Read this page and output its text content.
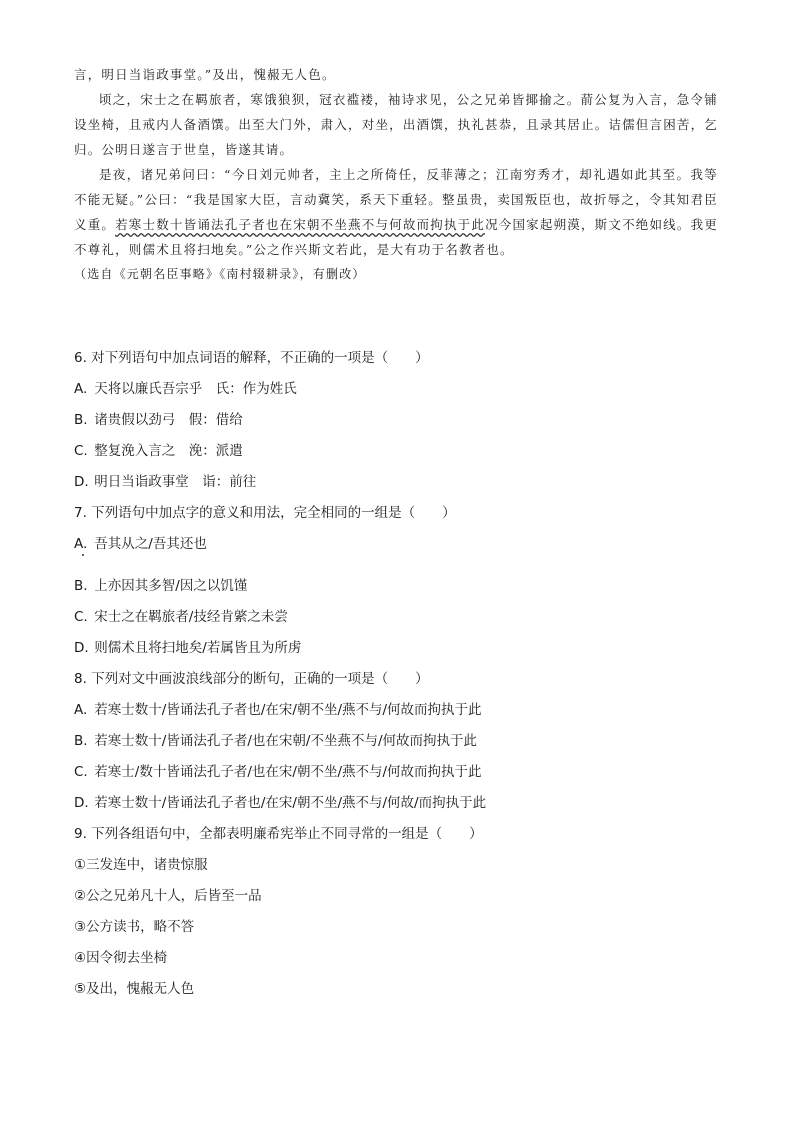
言，明日当诣政事堂。”及出，愧赧无人色。

顷之，宋士之在羁旅者，寒饿狼狈，冠衣褴褛，袖诗求见，公之兄弟皆揶揄之。葥公复为入言，急令铺设坐椅，且戒内人备酒馔。出至大门外，肃入，对坐，出酒馔，执礼甚恭，且录其居止。诘儒但言困苦，乞归。公明日遂言于世皇，皆遂其请。

是夜，诸兄弟问曰：“今日刘元帅者，主上之所倚任，反菲薄之；江南穷秀才，却礼遇如此其至。我等不能无疑。”公曰：“我是国家大臣，言动冀笑，系天下重轻。整虽贵，卖国叛臣也，故折辱之，令其知君臣义重。若寒士数十皆诵法孔子者也在宋朝不坐燕不与何故而拘执于此况今国家起朔漠，斯文不绝如线。我更不尊礼，则儒术且将扫地矣。”公之作兴斯文若此，是大有功于名教者也。

（选自《元朝名臣事略》《南村辍耕录》，有删改）

6. 对下列语句中加点词语的解释，不正确的一项是（　　）
A. 天将以廉氏吾宗乎　氏：作为姓氏
B. 诸贵假以劲弓　假：借给
C. 整复浼入言之　浼：派遣
D. 明日当诣政事堂　诣：前往
7. 下列语句中加点字的意义和用法，完全相同的一组是（　　）
A. 吾其从之/吾其还也
B. 上亦因其多智/因之以饥馑
C. 宋士之在羁旅者/技经肯綮之未尝
D. 则儒术且将扫地矣/若属皆且为所虏
8. 下列对文中画波浪线部分的断句，正确的一项是（　　）
A. 若寒士数十/皆诵法孔子者也/在宋/朝不坐/燕不与/何故而拘执于此
B. 若寒士数十/皆诵法孔子者/也在宋朝/不坐燕不与/何故而拘执于此
C. 若寒士/数十皆诵法孔子者/也在宋/朝不坐/燕不与/何故而拘执于此
D. 若寒士数十/皆诵法孔子者也/在宋/朝不坐/燕不与/何故/而拘执于此
9. 下列各组语句中，全都表明廉希宪举止不同寻常的一组是（　　）
①三发连中，诸贵惊服
②公之兄弟凡十人，后皆至一品
③公方读书，略不答
④因令彻去坐椅
⑤及出，愧赧无人色
